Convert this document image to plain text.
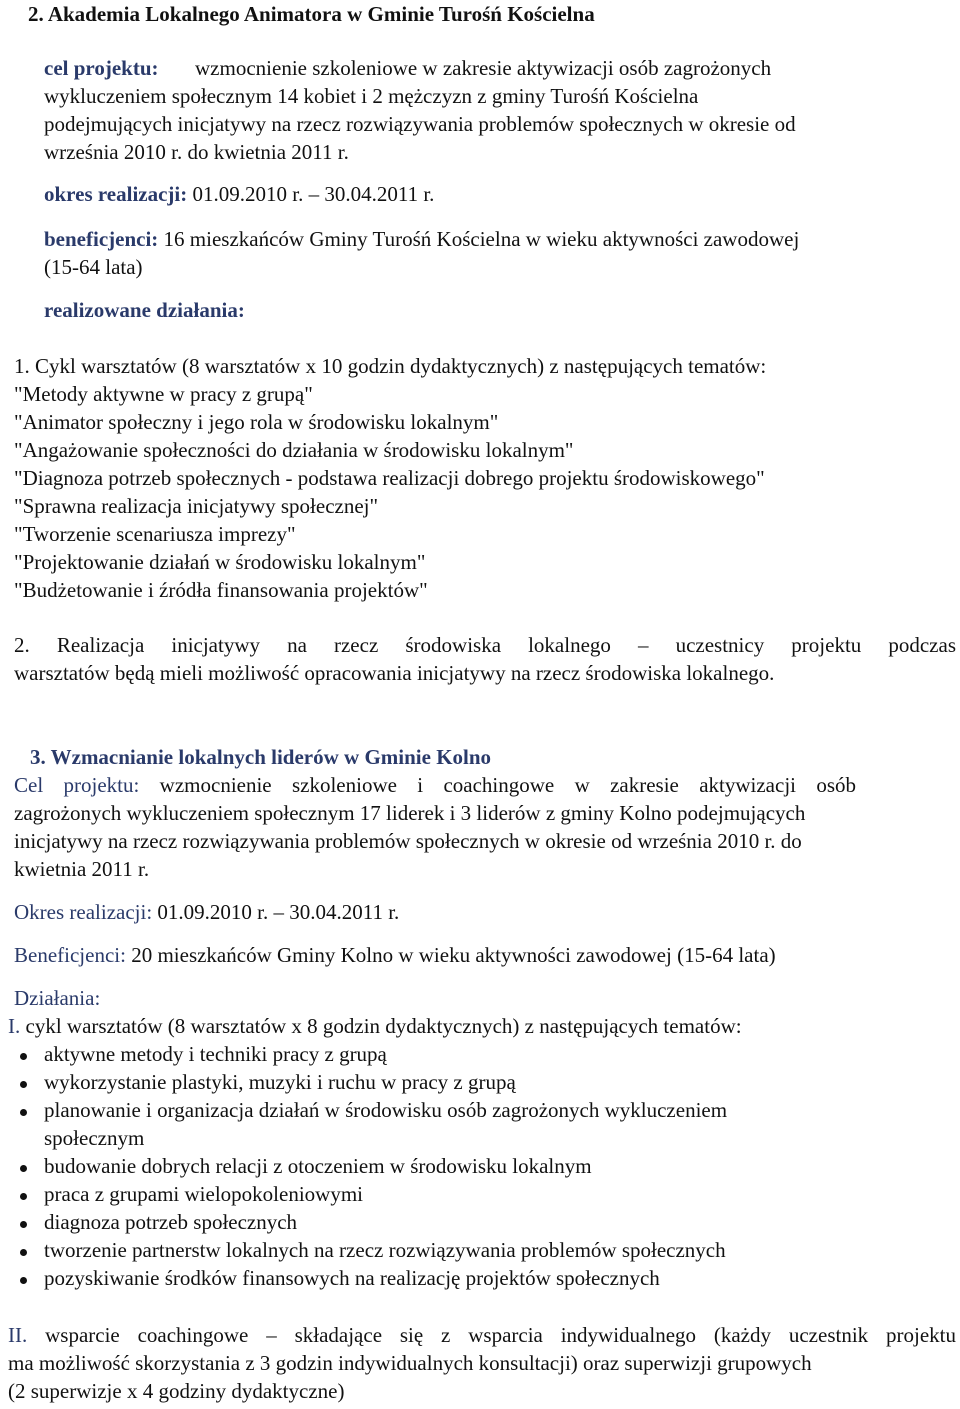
2. Akademia Lokalnego Animatora w Gminie Turośń Kościelna
cel projektu: wzmocnienie szkoleniowe w zakresie aktywizacji osób zagrożonych
wykluczeniem społecznym 14 kobiet i 2 mężczyzn z gminy Turośń Kościelna
podejmujących inicjatywy na rzecz rozwiązywania problemów społecznych w okresie od
września 2010 r. do kwietnia 2011 r.
okres realizacji: 01.09.2010 r. – 30.04.2011 r.
beneficjenci: 16 mieszkańców Gminy Turośń Kościelna w wieku aktywności zawodowej
(15-64 lata)
realizowane działania:
1. Cykl warsztatów (8 warsztatów x 10 godzin dydaktycznych) z następujących tematów:
"Metody aktywne w pracy z grupą"
"Animator społeczny i jego rola w środowisku lokalnym"
"Angażowanie społeczności do działania w środowisku lokalnym"
"Diagnoza potrzeb społecznych - podstawa realizacji dobrego projektu środowiskowego"
"Sprawna realizacja inicjatywy społecznej"
"Tworzenie scenariusza imprezy"
"Projektowanie działań w środowisku lokalnym"
"Budżetowanie i źródła finansowania projektów"
2. Realizacja inicjatywy na rzecz środowiska lokalnego – uczestnicy projektu podczas
warsztatów będą mieli możliwość opracowania inicjatywy na rzecz środowiska lokalnego.
3. Wzmacnianie lokalnych liderów w Gminie Kolno
Cel projektu: wzmocnienie szkoleniowe i coachingowe w zakresie aktywizacji osób
zagrożonych wykluczeniem społecznym 17 liderek i 3 liderów z gminy Kolno podejmujących
inicjatywy na rzecz rozwiązywania problemów społecznych w okresie od września 2010 r. do
kwietnia 2011 r.
Okres realizacji: 01.09.2010 r. – 30.04.2011 r.
Beneficjenci: 20 mieszkańców Gminy Kolno w wieku aktywności zawodowej (15-64 lata)
Działania:
I. cykl warsztatów (8 warsztatów x 8 godzin dydaktycznych) z następujących tematów:
aktywne metody i techniki pracy z grupą
wykorzystanie plastyki, muzyki i ruchu w pracy z grupą
planowanie i organizacja działań w środowisku osób zagrożonych wykluczeniem
społecznym
budowanie dobrych relacji z otoczeniem w środowisku lokalnym
praca z grupami wielopokoleniowymi
diagnoza potrzeb społecznych
tworzenie partnerstw lokalnych na rzecz rozwiązywania problemów społecznych
pozyskiwanie środków finansowych na realizację projektów społecznych
II. wsparcie coachingowe – składające się z wsparcia indywidualnego (każdy uczestnik projektu
ma możliwość skorzystania z 3 godzin indywidualnych konsultacji) oraz superwizji grupowych
(2 superwizje x 4 godziny dydaktyczne)
